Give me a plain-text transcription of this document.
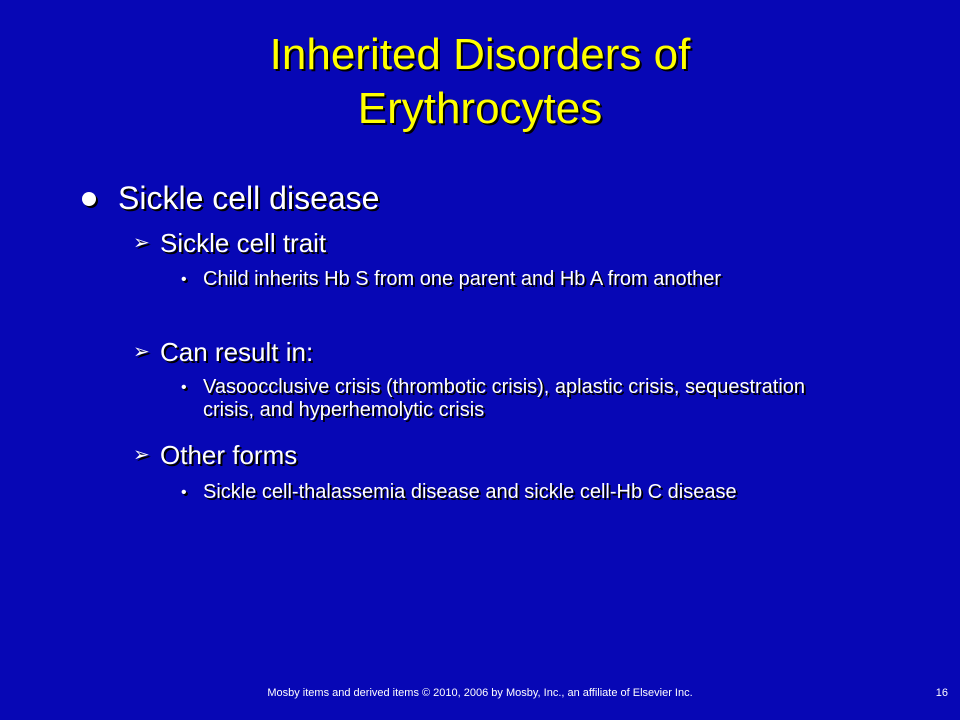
Inherited Disorders of
Erythrocytes
Sickle cell disease
➢ Sickle cell trait
• Child inherits Hb S from one parent and Hb A from another
➢ Can result in:
• Vasoocclusive crisis (thrombotic crisis), aplastic crisis, sequestration crisis, and hyperhemolytic crisis
➢ Other forms
• Sickle cell-thalassemia disease and sickle cell-Hb C disease
Mosby items and derived items © 2010, 2006 by Mosby, Inc., an affiliate of Elsevier Inc.	16
